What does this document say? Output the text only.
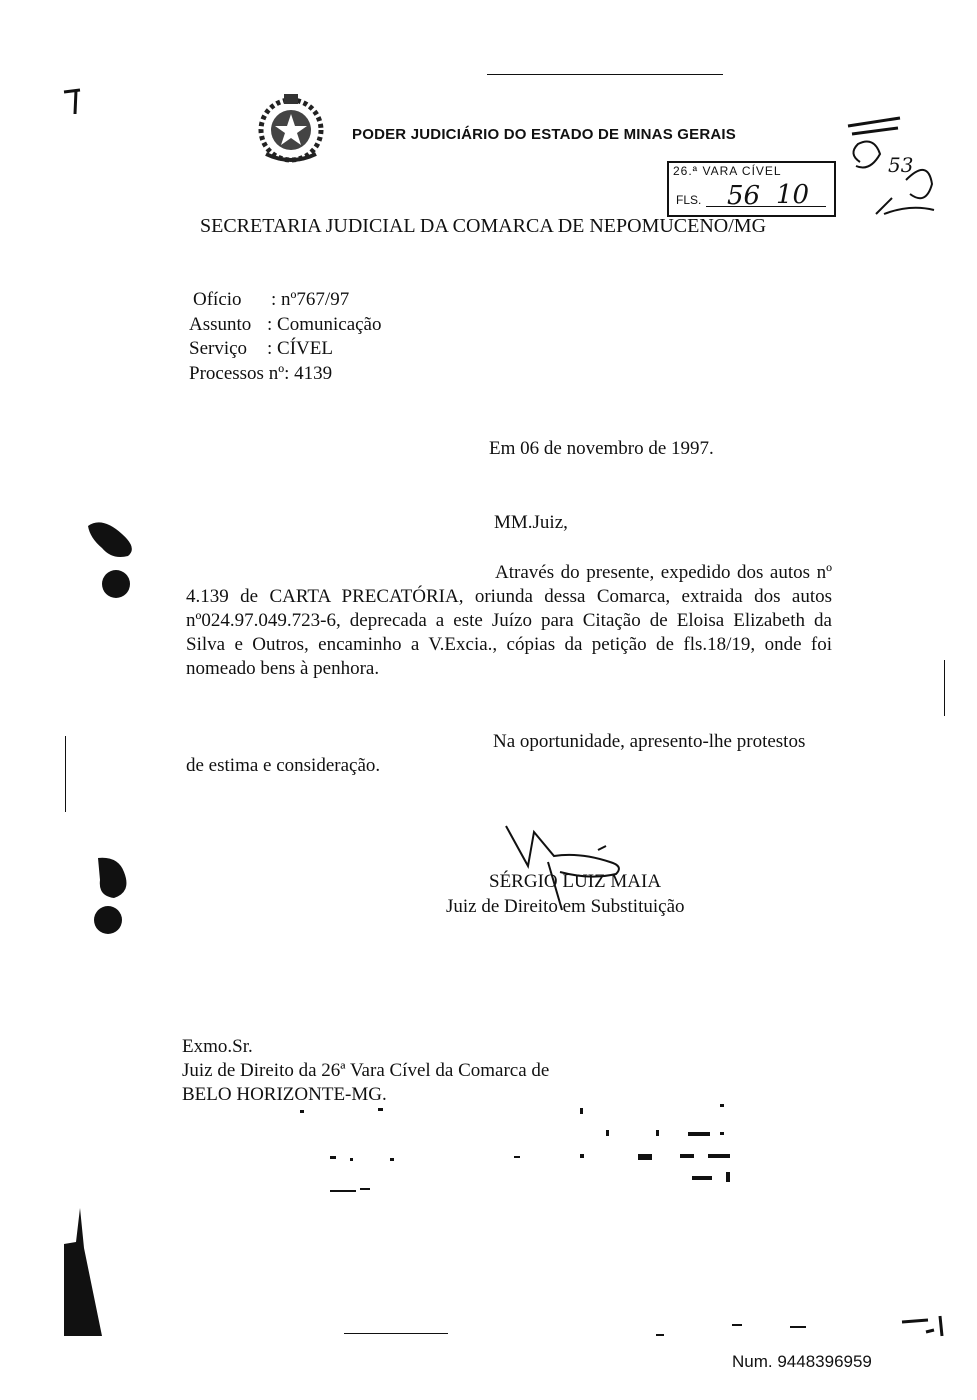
PODER JUDICIÁRIO DO ESTADO DE MINAS GERAIS
26.ª VARA CÍVEL
FLS. 56 10
53
SECRETARIA JUDICIAL DA COMARCA DE NEPOMUCENO/MG
Ofício : nº767/97
Assunto : Comunicação
Serviço : CÍVEL
Processos nº: 4139
Em 06 de novembro de 1997.
MM.Juiz,
Através do presente, expedido dos autos nº 4.139 de CARTA PRECATÓRIA, oriunda dessa Comarca, extraida dos autos nº024.97.049.723-6, deprecada a este Juízo para Citação de Eloisa Elizabeth da Silva e Outros, encaminho a V.Excia., cópias da petição de fls.18/19, onde foi nomeado bens à penhora.
Na oportunidade, apresento-lhe protestos
de estima e consideração.
SÉRGIO LUIZ MAIA
Juiz de Direito em Substituição
Exmo.Sr.
Juiz de Direito da 26ª Vara Cível da Comarca de
BELO HORIZONTE-MG.
Num. 9448396959
